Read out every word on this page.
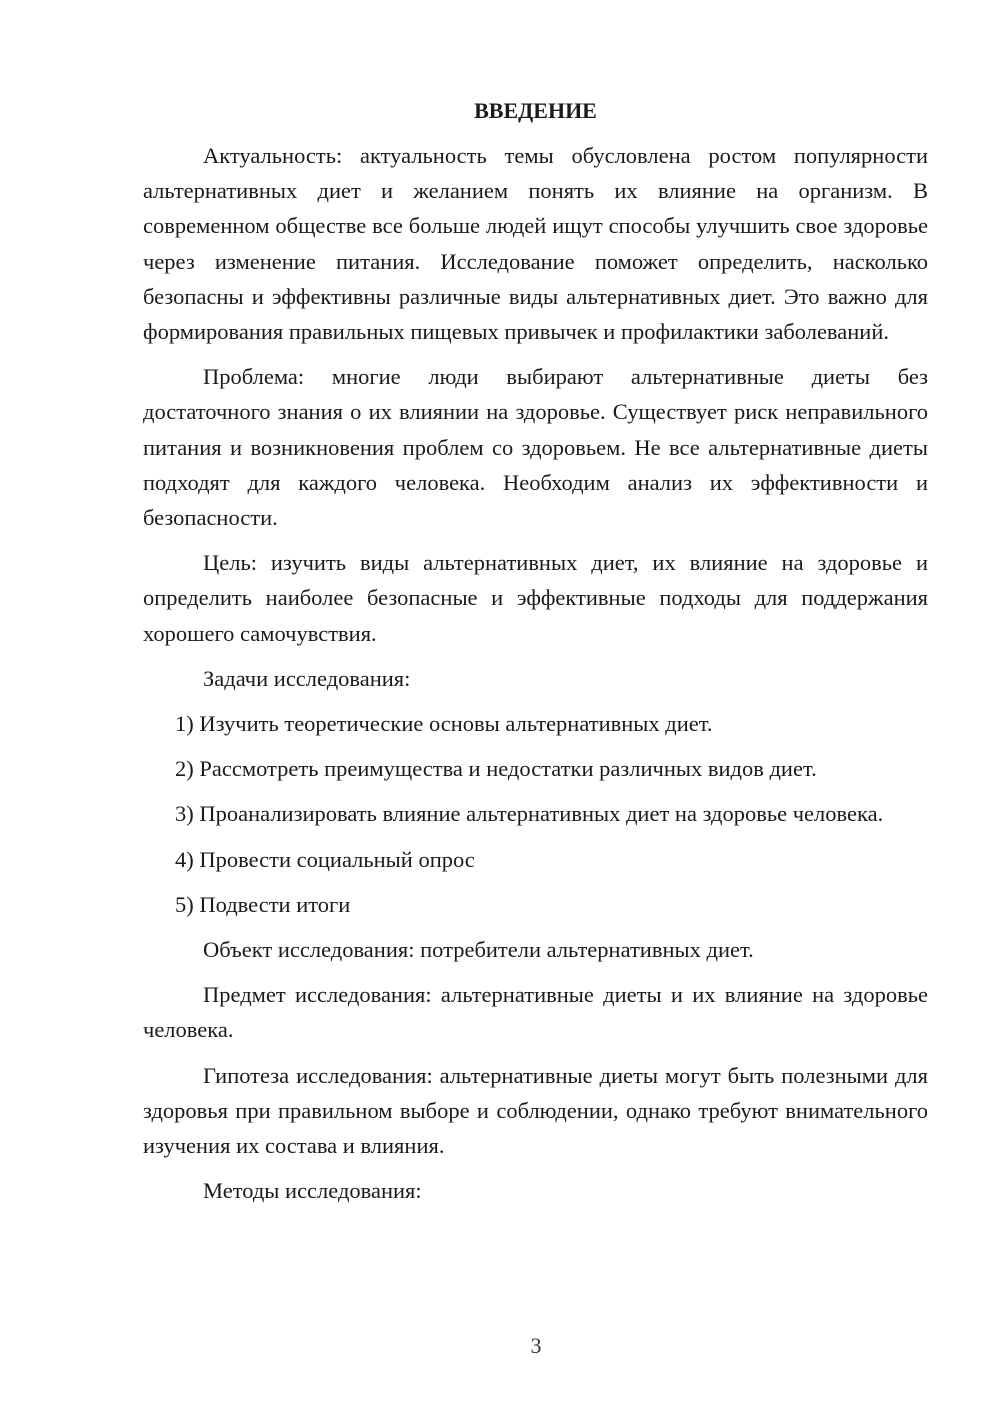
ВВЕДЕНИЕ

Актуальность: актуальность темы обусловлена ростом популярности альтернативных диет и желанием понять их влияние на организм. В современном обществе все больше людей ищут способы улучшить свое здоровье через изменение питания. Исследование поможет определить, насколько безопасны и эффективны различные виды альтернативных диет. Это важно для формирования правильных пищевых привычек и профилактики заболеваний.

Проблема: многие люди выбирают альтернативные диеты без достаточного знания о их влиянии на здоровье. Существует риск неправильного питания и возникновения проблем со здоровьем. Не все альтернативные диеты подходят для каждого человека. Необходим анализ их эффективности и безопасности.

Цель: изучить виды альтернативных диет, их влияние на здоровье и определить наиболее безопасные и эффективные подходы для поддержания хорошего самочувствия.

Задачи исследования:

1) Изучить теоретические основы альтернативных диет.

2) Рассмотреть преимущества и недостатки различных видов диет.

3) Проанализировать влияние альтернативных диет на здоровье человека.

4) Провести социальный опрос

5) Подвести итоги

Объект исследования: потребители альтернативных диет.

Предмет исследования: альтернативные диеты и их влияние на здоровье человека.

Гипотеза исследования: альтернативные диеты могут быть полезными для здоровья при правильном выборе и соблюдении, однако требуют внимательного изучения их состава и влияния.

Методы исследования:

3
